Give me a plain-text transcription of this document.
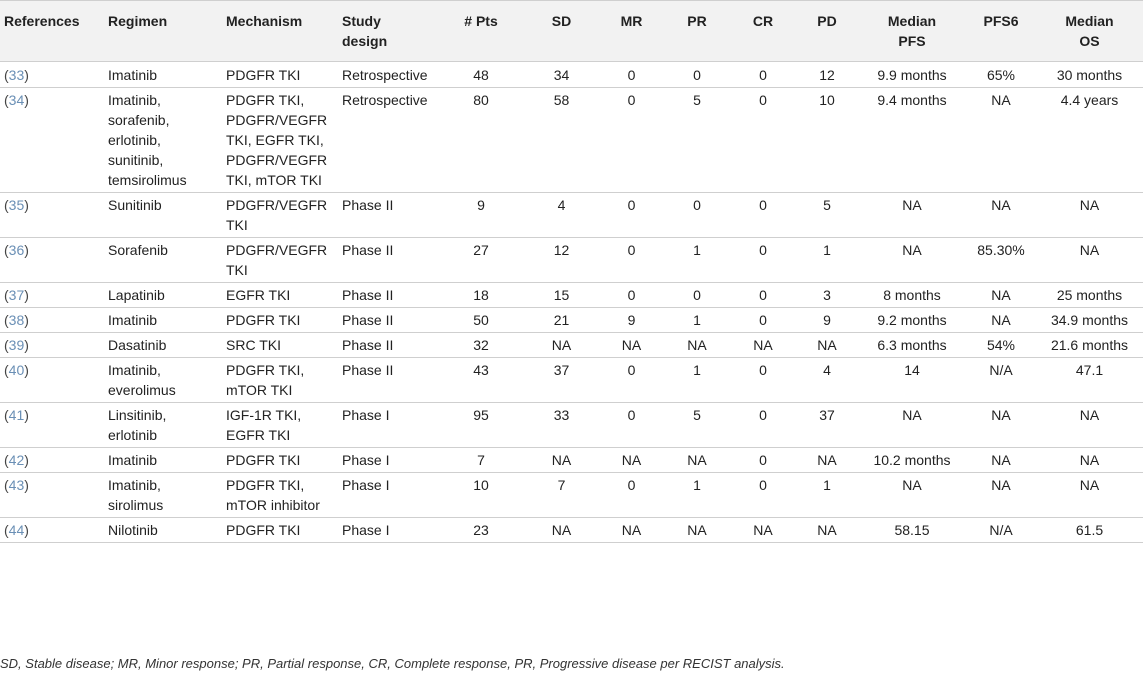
References	Regimen	Mechanism	Study design	# Pts	SD	MR	PR	CR	PD	Median PFS	PFS6	Median OS
(33)	Imatinib	PDGFR TKI	Retrospective	48	34	0	0	0	12	9.9 months	65%	30 months
(34)	Imatinib, sorafenib, erlotinib, sunitinib, temsirolimus	PDGFR TKI, PDGFR/VEGFR TKI, EGFR TKI, PDGFR/VEGFR TKI, mTOR TKI	Retrospective	80	58	0	5	0	10	9.4 months	NA	4.4 years
(35)	Sunitinib	PDGFR/VEGFR TKI	Phase II	9	4	0	0	0	5	NA	NA	NA
(36)	Sorafenib	PDGFR/VEGFR TKI	Phase II	27	12	0	1	0	1	NA	85.30%	NA
(37)	Lapatinib	EGFR TKI	Phase II	18	15	0	0	0	3	8 months	NA	25 months
(38)	Imatinib	PDGFR TKI	Phase II	50	21	9	1	0	9	9.2 months	NA	34.9 months
(39)	Dasatinib	SRC TKI	Phase II	32	NA	NA	NA	NA	NA	6.3 months	54%	21.6 months
(40)	Imatinib, everolimus	PDGFR TKI, mTOR TKI	Phase II	43	37	0	1	0	4	14	N/A	47.1
(41)	Linsitinib, erlotinib	IGF-1R TKI, EGFR TKI	Phase I	95	33	0	5	0	37	NA	NA	NA
(42)	Imatinib	PDGFR TKI	Phase I	7	NA	NA	NA	0	NA	10.2 months	NA	NA
(43)	Imatinib, sirolimus	PDGFR TKI, mTOR inhibitor	Phase I	10	7	0	1	0	1	NA	NA	NA
(44)	Nilotinib	PDGFR TKI	Phase I	23	NA	NA	NA	NA	NA	58.15	N/A	61.5
SD, Stable disease; MR, Minor response; PR, Partial response, CR, Complete response, PR, Progressive disease per RECIST analysis.
